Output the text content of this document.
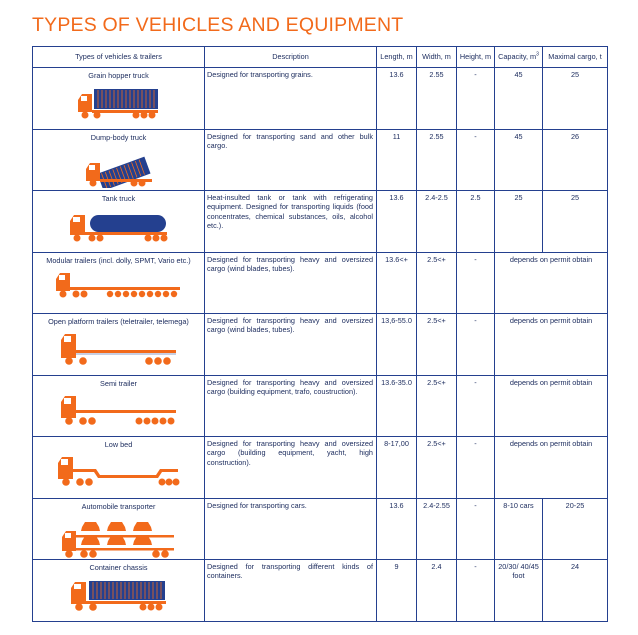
TYPES OF VEHICLES AND EQUIPMENT
Types of vehicles & trailers	Description	Length, m	Width, m	Height, m	Capacity, $m^3$	Maximal cargo, t

Grain hopper truck	Designed for transporting grains.	13.6	2.55	-	45	25

Dump-body truck	Designed for transporting sand and other bulk cargo.	11	2.55	-	45	26

Tank truck	Heat-insulted tank or tank with refrigerating equipment. Designed for transporting liquids (food concentrates, chemical substances, oils, alcohol etc.).	13.6	2.4-2.5	2.5	25	25

Modular trailers (incl. dolly, SPMT, Vario etc.)	Designed for transporting heavy and oversized cargo (wind blades, tubes).	13.6<+	2.5<+	-	depends on permit obtain	

Open platform trailers (teletrailer, telemega)	Designed for transporting heavy and oversized cargo (wind blades, tubes).	13,6-55.0	2.5<+	-	depends on permit obtain	

Semi trailer	Designed for transporting heavy and oversized cargo (building equipment, trafo, coustruction).	13.6-35.0	2.5<+	-	depends on permit obtain	

Low bed	Designed for transporting heavy and oversized cargo (building equipment, yacht, high construction).	8-17,00	2.5<+	-	depends on permit obtain	

Automobile transporter	Designed for transporting cars.	13.6	2.4-2.55	-	8-10 cars	20-25

Container chassis	Designed for transporting different kinds of containers.	9	2.4	-	20/30/ 40/45 foot	24
